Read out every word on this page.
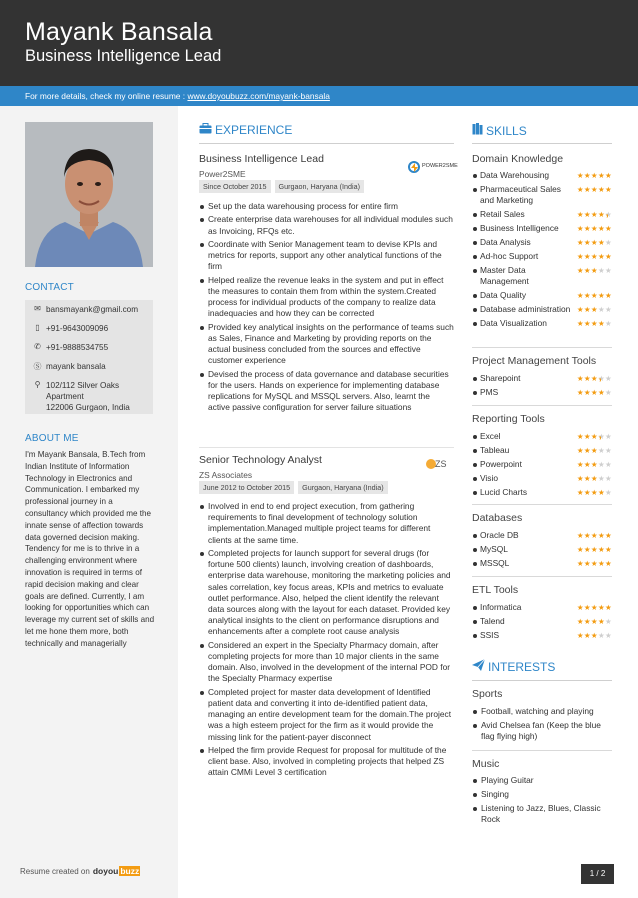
Mayank Bansala
Business Intelligence Lead
For more details, check my online resume : www.doyoubuzz.com/mayank-bansala
CONTACT
✉ bansmayank@gmail.com
▯ +91-9643009096
✆ +91-9888534755
Ⓢ mayank bansala
⚲ 102/112 Silver Oaks
Apartment
122006 Gurgaon, India
ABOUT ME
I'm Mayank Bansala, B.Tech from Indian Institute of Information Technology in Electronics and Communication. I embarked my professional journey in a consultancy which provided me the innate sense of affection towards data governed decision making. Tendency for me is to thrive in a challenging environment where innovation is required in terms of rapid decision making and clear goals are defined. Currently, I am looking for opportunities which can leverage my current set of skills and let me hone them more, both technically and managerially
Resume created on doyou buzz	1 / 2
EXPERIENCE
Business Intelligence Lead
POWER2SME
Power2SME
Since October 2015	Gurgaon, Haryana (India)
Set up the data warehousing process for entire firm
Create enterprise data warehouses for all individual modules such as Invoicing, RFQs etc.
Coordinate with Senior Management team to devise KPIs and metrics for reports, support any other analytical functions of the firm
Helped realize the revenue leaks in the system and put in effect the measures to contain them from within the system.Created process for individual products of the company to realize data inadequacies and how they can be corrected
Provided key analytical insights on the performance of teams such as Sales, Finance and Marketing by providing reports on the actual business concluded from the sources and effective customer experience
Devised the process of data governance and database securities for the users. Hands on experience for implementing database replications for MySQL and MSSQL servers. Also, learnt the active passive configuration for server failure situations
Senior Technology Analyst	ZS
ZS Associates
June 2012 to October 2015	Gurgaon, Haryana (India)
Involved in end to end project execution, from gathering requirements to final development of technology solution implementation.Managed multiple project teams for different clients at the same time.
Completed projects for launch support for several drugs (for fortune 500 clients) launch, involving creation of dashboards, enterprise data warehouse, monitoring the marketing policies and sales correlation, key focus areas, KPIs and metrics to evaluate outlet performance. Also, helped the client identify the relevant data sources along with the layout for each dataset. Provided key analytical insights to the client on performance disruptions and enhancements after a complete root cause analysis
Considered an expert in the Specialty Pharmacy domain, after completing projects for more than 10 major clients in the same domain. Also, involved in the development of the internal POD for the Specialty Pharmacy expertise
Completed project for master data development of Identified patient data and converting it into de-identified patient data, managing an entire development team for the domain.The project was a high esteem project for the firm as it would provide the missing link for the patient-payer disconnect
Helped the firm provide Request for proposal for multitude of the client base. Also, involved in completing projects that helped ZS attain CMMi Level 3 certification
SKILLS
Domain Knowledge
Data Warehousing	★★★★★
Pharmaceutical Sales and Marketing
★★★★★
Retail Sales	★★★★★ ★
Business Intelligence	★★★★★
Data Analysis	★★★★★
Ad-hoc Support	★★★★★
Master Data Management
★★★★★
Data Quality	★★★★★
Database administration ★★★★★
Data Visualization	★★★★★
Project Management Tools
Sharepoint	★★★★ ★★
PMS	★★★★★
Reporting Tools
Excel	★★★★ ★★
Tableau	★★★★★
Powerpoint	★★★★★
Visio	★★★★★
Lucid Charts	★★★★★
Databases
Oracle DB	★★★★★
MySQL	★★★★★
MSSQL	★★★★★
ETL Tools
Informatica	★★★★★
Talend	★★★★★
SSIS	★★★★★
INTERESTS
Sports
Football, watching and playing
Avid Chelsea fan (Keep the blue flag flying high)
Music
Playing Guitar
Singing
Listening to Jazz, Blues, Classic Rock
